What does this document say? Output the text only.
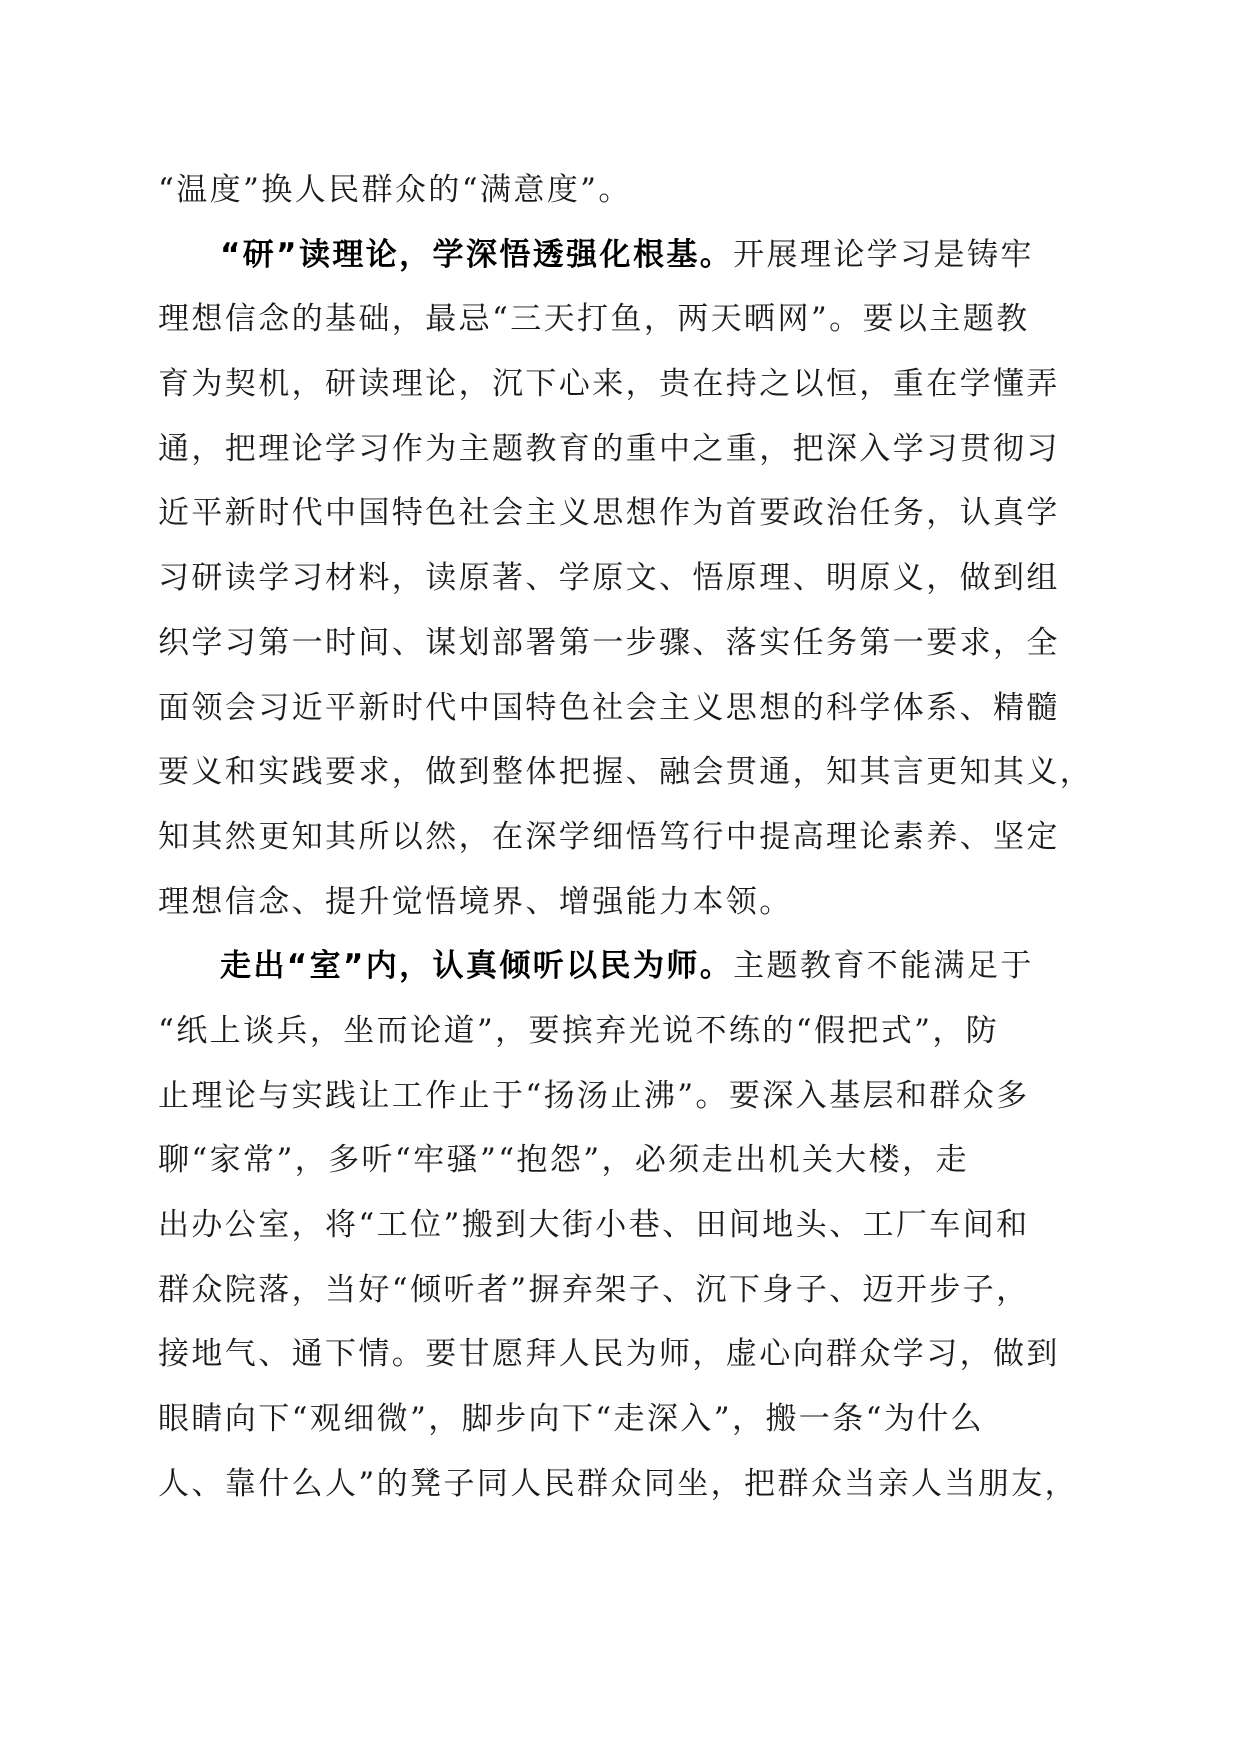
“温度”换人民群众的“满意度”。
“研”读理论，学深悟透强化根基。开展理论学习是铸牢
理想信念的基础，最忌“三天打鱼，两天晒网”。要以主题教
育为契机，研读理论，沉下心来，贵在持之以恒，重在学懂弄
通，把理论学习作为主题教育的重中之重，把深入学习贯彻习
近平新时代中国特色社会主义思想作为首要政治任务，认真学
习研读学习材料，读原著、学原文、悟原理、明原义，做到组
织学习第一时间、谋划部署第一步骤、落实任务第一要求，全
面领会习近平新时代中国特色社会主义思想的科学体系、精髓
要义和实践要求，做到整体把握、融会贯通，知其言更知其义，
知其然更知其所以然，在深学细悟笃行中提高理论素养、坚定
理想信念、提升觉悟境界、增强能力本领。
走出“室”内，认真倾听以民为师。主题教育不能满足于
“纸上谈兵，坐而论道”，要摈弃光说不练的“假把式”，防
止理论与实践让工作止于“扬汤止沸”。要深入基层和群众多
聊“家常”，多听“牢骚”“抱怨”，必须走出机关大楼，走
出办公室，将“工位”搬到大街小巷、田间地头、工厂车间和
群众院落，当好“倾听者”摒弃架子、沉下身子、迈开步子，
接地气、通下情。要甘愿拜人民为师，虚心向群众学习，做到
眼睛向下“观细微”，脚步向下“走深入”，搬一条“为什么
人、靠什么人”的凳子同人民群众同坐，把群众当亲人当朋友，
